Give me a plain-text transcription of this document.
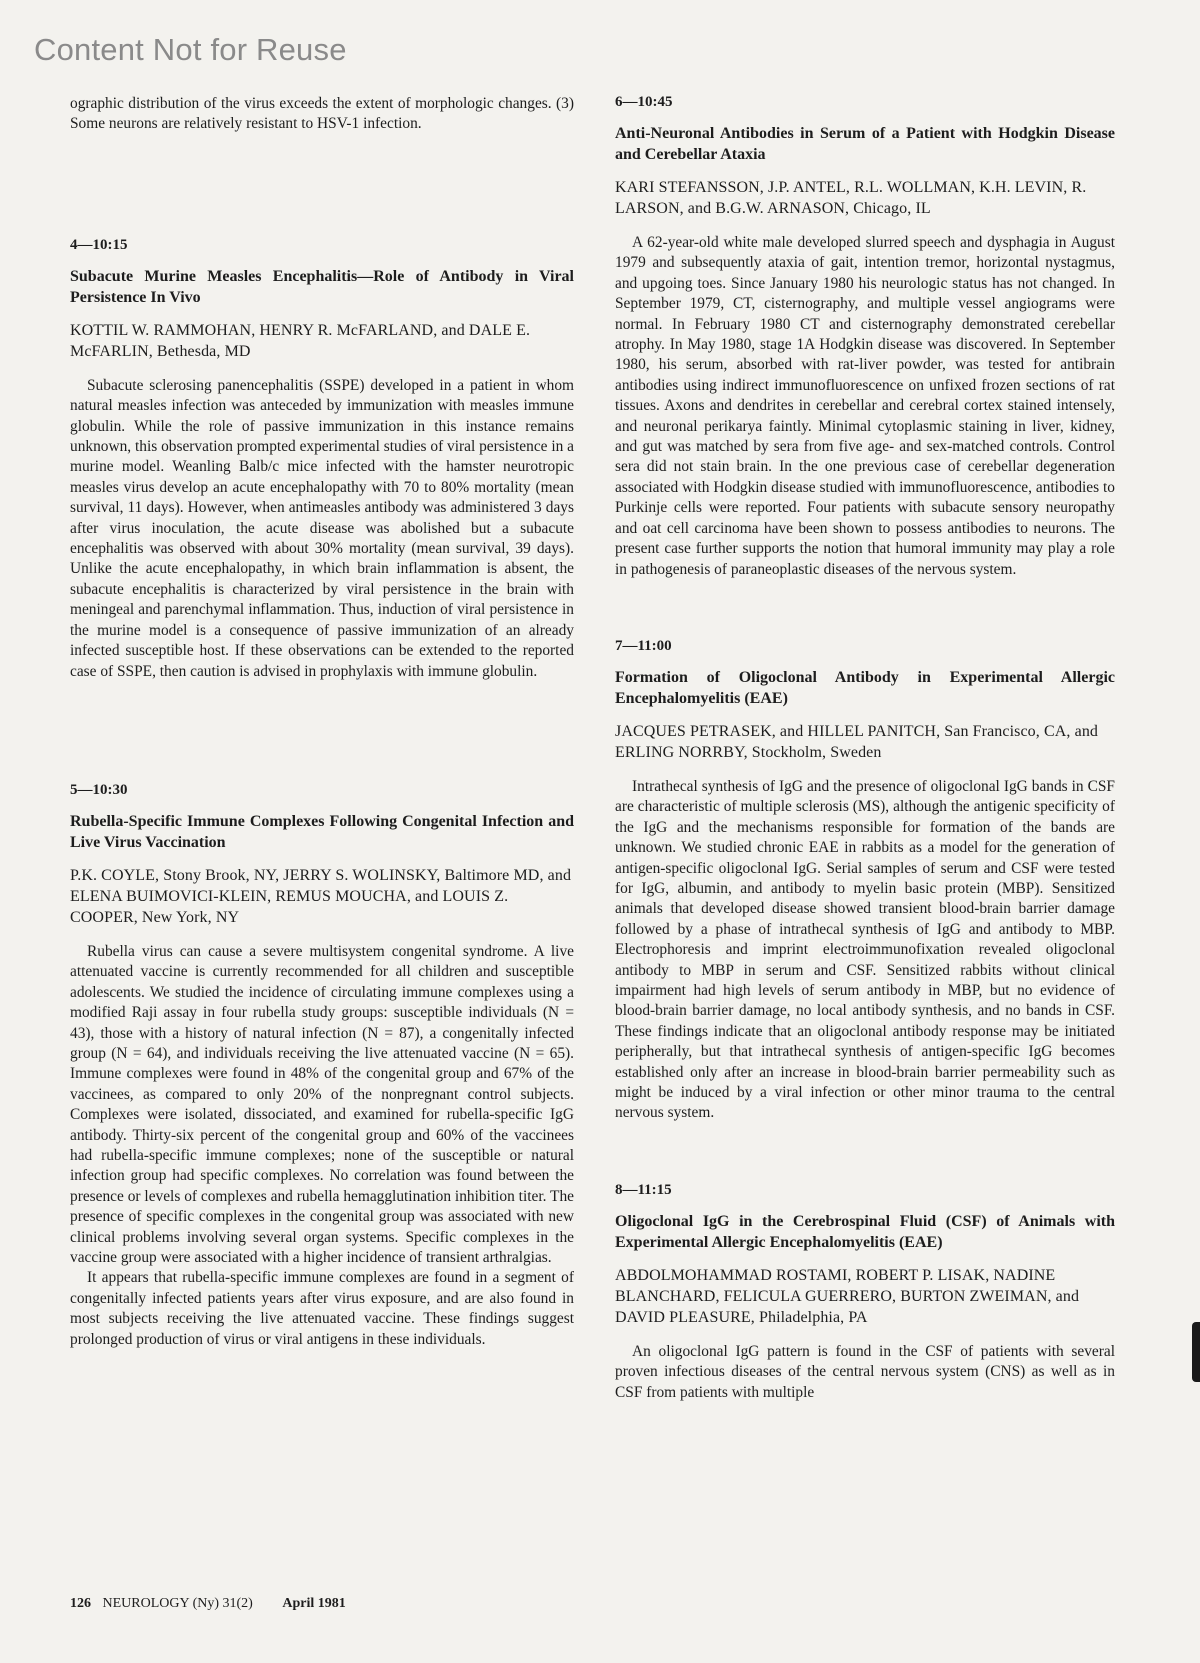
Content Not for Reuse

ographic distribution of the virus exceeds the extent of morphologic changes. (3) Some neurons are relatively resistant to HSV-1 infection.

4—10:15
Subacute Murine Measles Encephalitis—Role of Antibody in Viral Persistence In Vivo
KOTTIL W. RAMMOHAN, HENRY R. McFARLAND, and DALE E. McFARLIN, Bethesda, MD

Subacute sclerosing panencephalitis (SSPE) developed in a patient in whom natural measles infection was anteceded by immunization with measles immune globulin. While the role of passive immunization in this instance remains unknown, this observation prompted experimental studies of viral persistence in a murine model. Weanling Balb/c mice infected with the hamster neurotropic measles virus develop an acute encephalopathy with 70 to 80% mortality (mean survival, 11 days). However, when antimeasles antibody was administered 3 days after virus inoculation, the acute disease was abolished but a subacute encephalitis was observed with about 30% mortality (mean survival, 39 days). Unlike the acute encephalopathy, in which brain inflammation is absent, the subacute encephalitis is characterized by viral persistence in the brain with meningeal and parenchymal inflammation. Thus, induction of viral persistence in the murine model is a consequence of passive immunization of an already infected susceptible host. If these observations can be extended to the reported case of SSPE, then caution is advised in prophylaxis with immune globulin.

5—10:30
Rubella-Specific Immune Complexes Following Congenital Infection and Live Virus Vaccination
P.K. COYLE, Stony Brook, NY, JERRY S. WOLINSKY, Baltimore MD, and ELENA BUIMOVICI-KLEIN, REMUS MOUCHA, and LOUIS Z. COOPER, New York, NY

Rubella virus can cause a severe multisystem congenital syndrome. A live attenuated vaccine is currently recommended for all children and susceptible adolescents. We studied the incidence of circulating immune complexes using a modified Raji assay in four rubella study groups: susceptible individuals (N = 43), those with a history of natural infection (N = 87), a congenitally infected group (N = 64), and individuals receiving the live attenuated vaccine (N = 65). Immune complexes were found in 48% of the congenital group and 67% of the vaccinees, as compared to only 20% of the nonpregnant control subjects. Complexes were isolated, dissociated, and examined for rubella-specific IgG antibody. Thirty-six percent of the congenital group and 60% of the vaccinees had rubella-specific immune complexes; none of the susceptible or natural infection group had specific complexes. No correlation was found between the presence or levels of complexes and rubella hemagglutination inhibition titer. The presence of specific complexes in the congenital group was associated with new clinical problems involving several organ systems. Specific complexes in the vaccine group were associated with a higher incidence of transient arthralgias.

It appears that rubella-specific immune complexes are found in a segment of congenitally infected patients years after virus exposure, and are also found in most subjects receiving the live attenuated vaccine. These findings suggest prolonged production of virus or viral antigens in these individuals.

6—10:45
Anti-Neuronal Antibodies in Serum of a Patient with Hodgkin Disease and Cerebellar Ataxia
KARI STEFANSSON, J.P. ANTEL, R.L. WOLLMAN, K.H. LEVIN, R. LARSON, and B.G.W. ARNASON, Chicago, IL

A 62-year-old white male developed slurred speech and dysphagia in August 1979 and subsequently ataxia of gait, intention tremor, horizontal nystagmus, and upgoing toes. Since January 1980 his neurologic status has not changed. In September 1979, CT, cisternography, and multiple vessel angiograms were normal. In February 1980 CT and cisternography demonstrated cerebellar atrophy. In May 1980, stage 1A Hodgkin disease was discovered. In September 1980, his serum, absorbed with rat-liver powder, was tested for antibrain antibodies using indirect immunofluorescence on unfixed frozen sections of rat tissues. Axons and dendrites in cerebellar and cerebral cortex stained intensely, and neuronal perikarya faintly. Minimal cytoplasmic staining in liver, kidney, and gut was matched by sera from five age- and sex-matched controls. Control sera did not stain brain. In the one previous case of cerebellar degeneration associated with Hodgkin disease studied with immunofluorescence, antibodies to Purkinje cells were reported. Four patients with subacute sensory neuropathy and oat cell carcinoma have been shown to possess antibodies to neurons. The present case further supports the notion that humoral immunity may play a role in pathogenesis of paraneoplastic diseases of the nervous system.

7—11:00
Formation of Oligoclonal Antibody in Experimental Allergic Encephalomyelitis (EAE)
JACQUES PETRASEK, and HILLEL PANITCH, San Francisco, CA, and ERLING NORRBY, Stockholm, Sweden

Intrathecal synthesis of IgG and the presence of oligoclonal IgG bands in CSF are characteristic of multiple sclerosis (MS), although the antigenic specificity of the IgG and the mechanisms responsible for formation of the bands are unknown. We studied chronic EAE in rabbits as a model for the generation of antigen-specific oligoclonal IgG. Serial samples of serum and CSF were tested for IgG, albumin, and antibody to myelin basic protein (MBP). Sensitized animals that developed disease showed transient blood-brain barrier damage followed by a phase of intrathecal synthesis of IgG and antibody to MBP. Electrophoresis and imprint electroimmunofixation revealed oligoclonal antibody to MBP in serum and CSF. Sensitized rabbits without clinical impairment had high levels of serum antibody in MBP, but no evidence of blood-brain barrier damage, no local antibody synthesis, and no bands in CSF. These findings indicate that an oligoclonal antibody response may be initiated peripherally, but that intrathecal synthesis of antigen-specific IgG becomes established only after an increase in blood-brain barrier permeability such as might be induced by a viral infection or other minor trauma to the central nervous system.

8—11:15
Oligoclonal IgG in the Cerebrospinal Fluid (CSF) of Animals with Experimental Allergic Encephalomyelitis (EAE)
ABDOLMOHAMMAD ROSTAMI, ROBERT P. LISAK, NADINE BLANCHARD, FELICULA GUERRERO, BURTON ZWEIMAN, and DAVID PLEASURE, Philadelphia, PA

An oligoclonal IgG pattern is found in the CSF of patients with several proven infectious diseases of the central nervous system (CNS) as well as in CSF from patients with multiple

126 NEUROLOGY (Ny) 31(2) April 1981
